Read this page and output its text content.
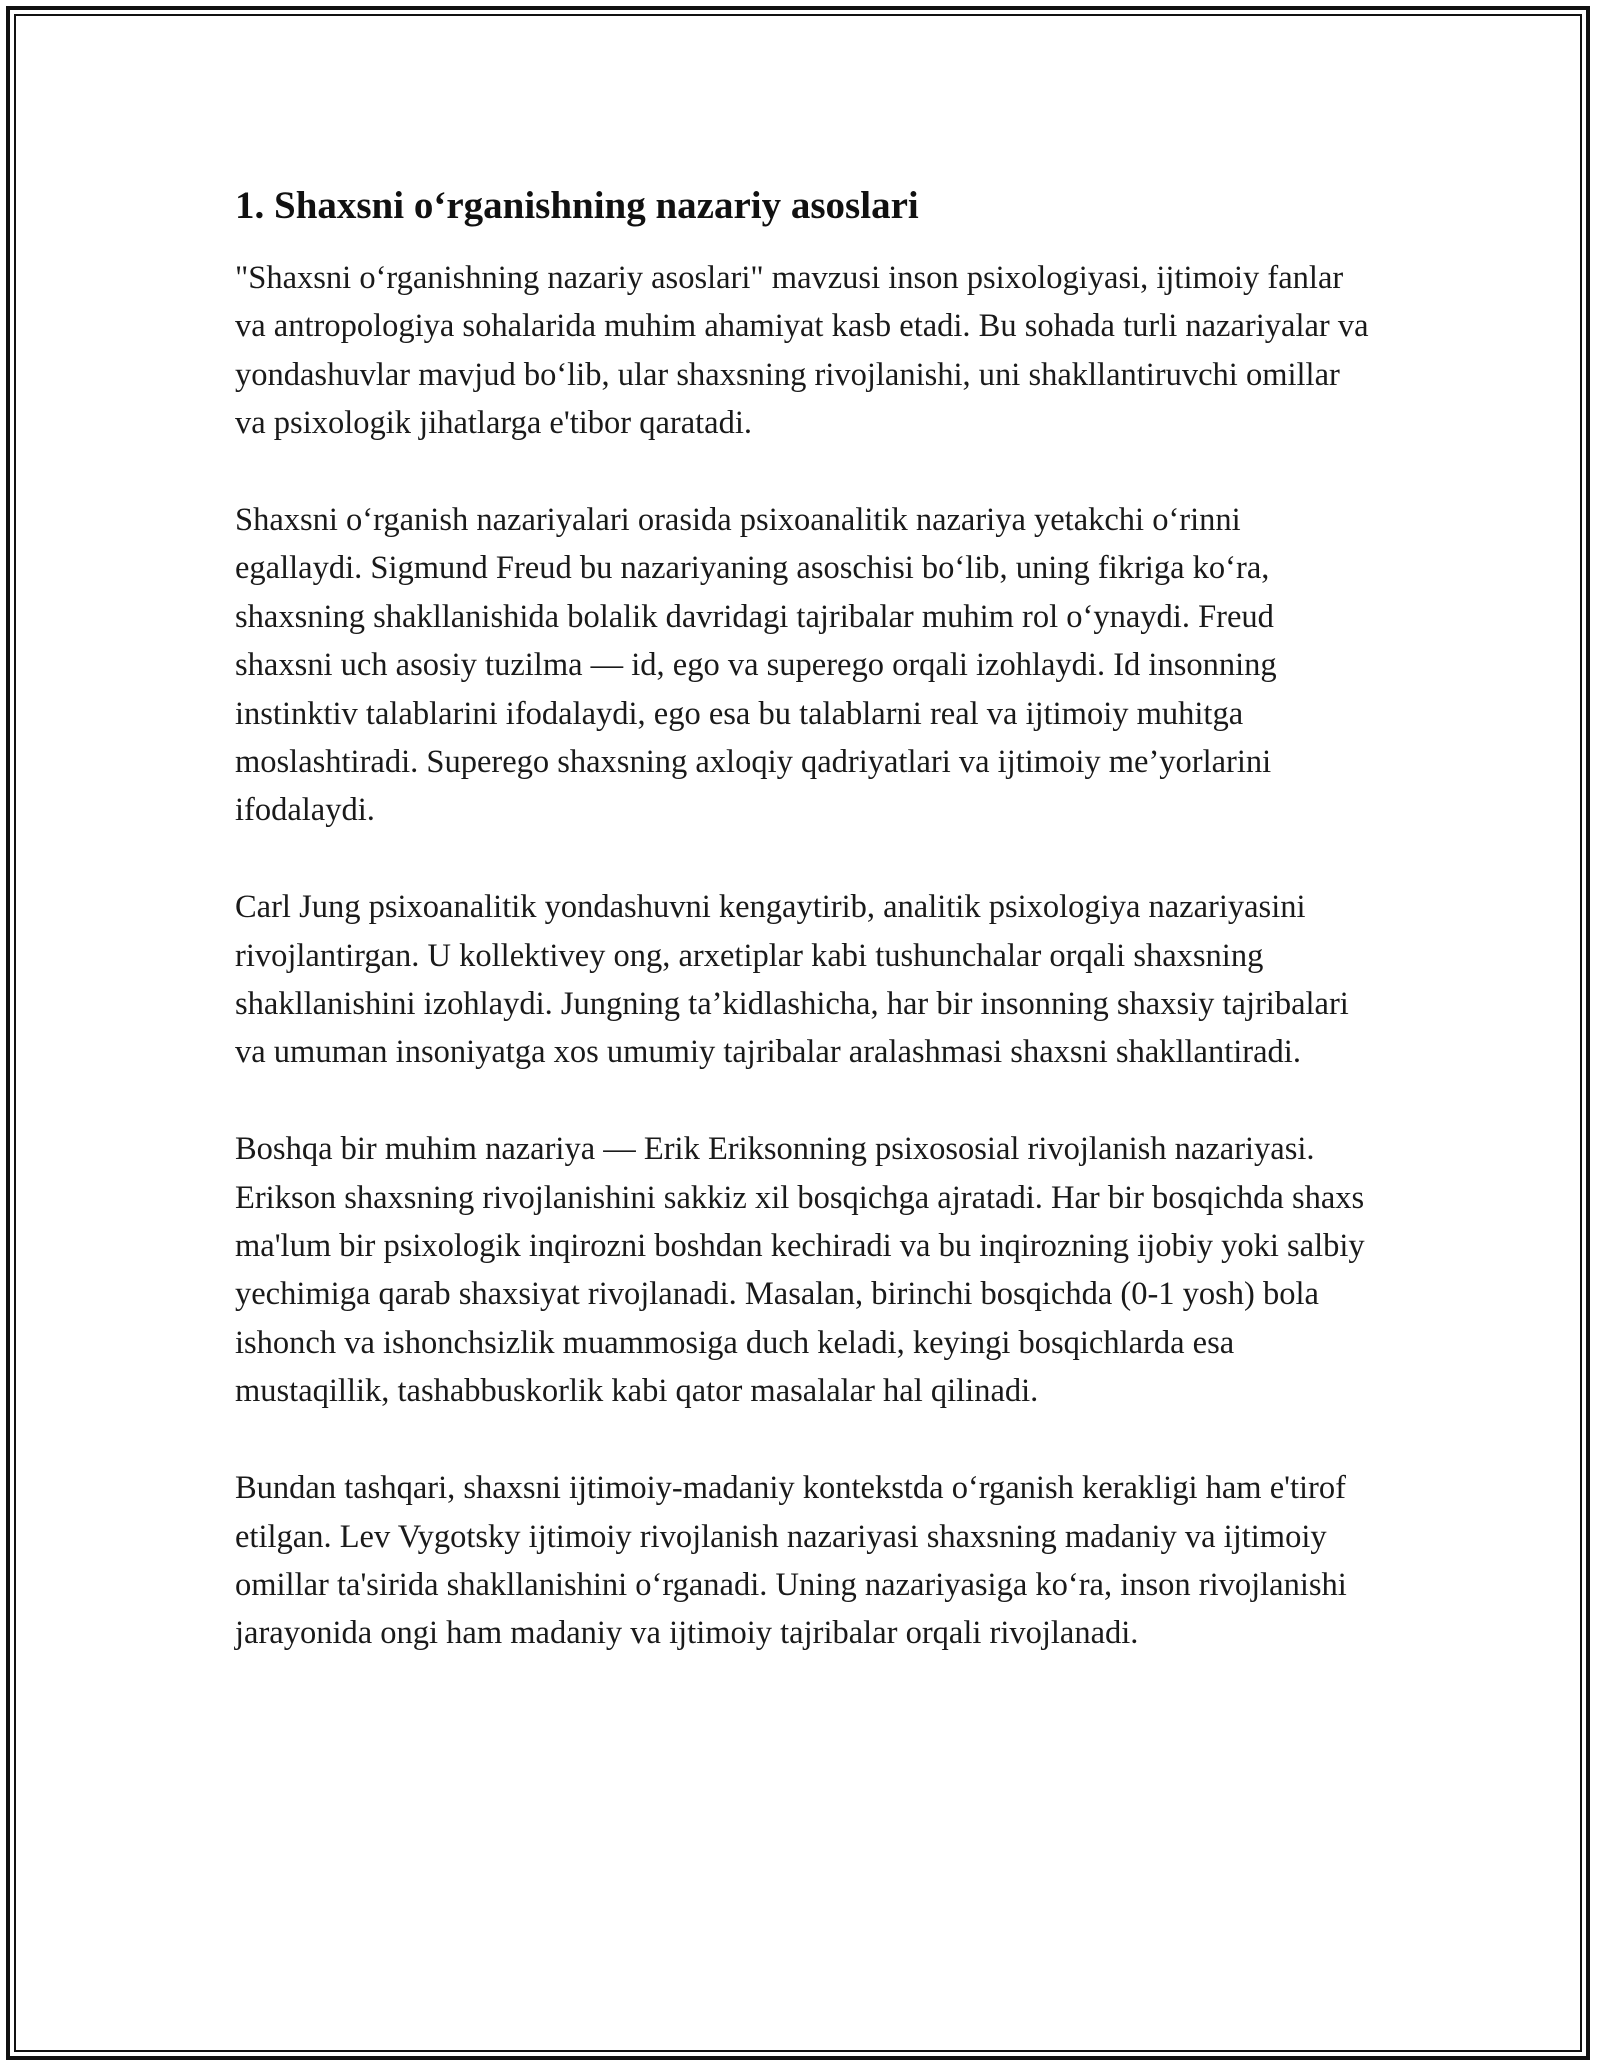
1. Shaxsni o‘rganishning nazariy asoslari

"Shaxsni o‘rganishning nazariy asoslari" mavzusi inson psixologiyasi, ijtimoiy fanlar va antropologiya sohalarida muhim ahamiyat kasb etadi. Bu sohada turli nazariyalar va yondashuvlar mavjud bo‘lib, ular shaxsning rivojlanishi, uni shakllantiruvchi omillar va psixologik jihatlarga e'tibor qaratadi.

Shaxsni o‘rganish nazariyalari orasida psixoanalitik nazariya yetakchi o‘rinni egallaydi. Sigmund Freud bu nazariyaning asoschisi bo‘lib, uning fikriga ko‘ra, shaxsning shakllanishida bolalik davridagi tajribalar muhim rol o‘ynaydi. Freud shaxsni uch asosiy tuzilma — id, ego va superego orqali izohlaydi. Id insonning instinktiv talablarini ifodalaydi, ego esa bu talablarni real va ijtimoiy muhitga moslashtiradi. Superego shaxsning axloqiy qadriyatlari va ijtimoiy me’yorlarini ifodalaydi.

Carl Jung psixoanalitik yondashuvni kengaytirib, analitik psixologiya nazariyasini rivojlantirgan. U kollektivey ong, arxetiplar kabi tushunchalar orqali shaxsning shakllanishini izohlaydi. Jungning ta’kidlashicha, har bir insonning shaxsiy tajribalari va umuman insoniyatga xos umumiy tajribalar aralashmasi shaxsni shakllantiradi.

Boshqa bir muhim nazariya — Erik Eriksonning psixososial rivojlanish nazariyasi. Erikson shaxsning rivojlanishini sakkiz xil bosqichga ajratadi. Har bir bosqichda shaxs ma'lum bir psixologik inqirozni boshdan kechiradi va bu inqirozning ijobiy yoki salbiy yechimiga qarab shaxsiyat rivojlanadi. Masalan, birinchi bosqichda (0-1 yosh) bola ishonch va ishonchsizlik muammosiga duch keladi, keyingi bosqichlarda esa mustaqillik, tashabbuskorlik kabi qator masalalar hal qilinadi.

Bundan tashqari, shaxsni ijtimoiy-madaniy kontekstda o‘rganish kerakligi ham e'tirof etilgan. Lev Vygotsky ijtimoiy rivojlanish nazariyasi shaxsning madaniy va ijtimoiy omillar ta'sirida shakllanishini o‘rganadi. Uning nazariyasiga ko‘ra, inson rivojlanishi jarayonida ongi ham madaniy va ijtimoiy tajribalar orqali rivojlanadi.
